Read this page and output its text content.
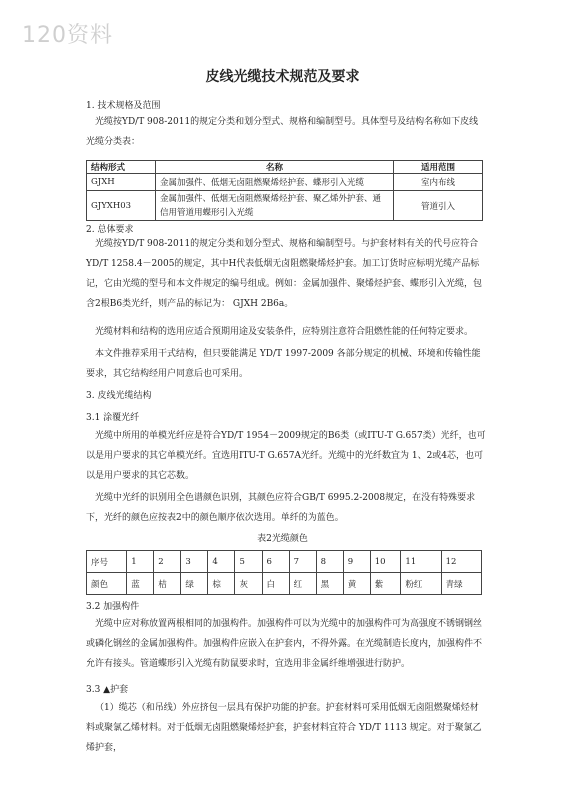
120资料
皮线光缆技术规范及要求
1. 技术规格及范围
光缆按YD/T 908-2011的规定分类和划分型式、规格和编制型号。具体型号及结构名称如下皮线光缆分类表：
结构形式	名称	适用范围
GJXH	金属加强件、低烟无卤阻燃聚烯烃护套、蝶形引入光缆	室内布线
GJYXH03	金属加强件、低烟无卤阻燃聚烯烃护套、聚乙烯外护套、通信用管道用蝶形引入光缆	管道引入
2. 总体要求
光缆按YD/T 908-2011的规定分类和划分型式、规格和编制型号。与护套材料有关的代号应符合YD/T 1258.4－2005的规定，其中H代表低烟无卤阻燃聚烯烃护套。加工订货时应标明光缆产品标记，它由光缆的型号和本文件规定的编号组成。例如：金属加强件、聚烯烃护套、蝶形引入光缆，包含2根B6类光纤，则产品的标记为： GJXH 2B6a。
光缆材料和结构的选用应适合预期用途及安装条件，应特别注意符合阻燃性能的任何特定要求。
本文件推荐采用干式结构，但只要能满足 YD/T 1997-2009 各部分规定的机械、环境和传输性能要求，其它结构经用户同意后也可采用。
3. 皮线光缆结构
3.1 涂覆光纤
光缆中所用的单模光纤应是符合YD/T 1954－2009规定的B6类（或ITU-T G.657类）光纤，也可以是用户要求的其它单模光纤。宜选用ITU-T G.657A光纤。光缆中的光纤数宜为 1、2或4芯，也可以是用户要求的其它芯数。
光缆中光纤的识别用全色谱颜色识别，其颜色应符合GB/T 6995.2-2008规定，在没有特殊要求下，光纤的颜色应按表2中的颜色顺序依次选用。单纤的为蓝色。
表2光缆颜色
序号	1	2	3	4	5	6	7	8	9	10	11	12
颜色	蓝	桔	绿	棕	灰	白	红	黑	黄	紫	粉红	青绿
3.2 加强构件
光缆中应对称放置两根相同的加强构件。加强构件可以为光缆中的加强构件可为高强度不锈钢钢丝或磷化钢丝的金属加强构件。加强构件应嵌入在护套内，不得外露。在光缆制造长度内，加强构件不允许有接头。管道蝶形引入光缆有防鼠要求时，宜选用非金属纤维增强进行防护。
3.3 ▲护套
（1）缆芯（和吊线）外应挤包一层具有保护功能的护套。护套材料可采用低烟无卤阻燃聚烯烃材料或聚氯乙烯材料。对于低烟无卤阻燃聚烯烃护套，护套材料宜符合 YD/T 1113 规定。对于聚氯乙烯护套，
